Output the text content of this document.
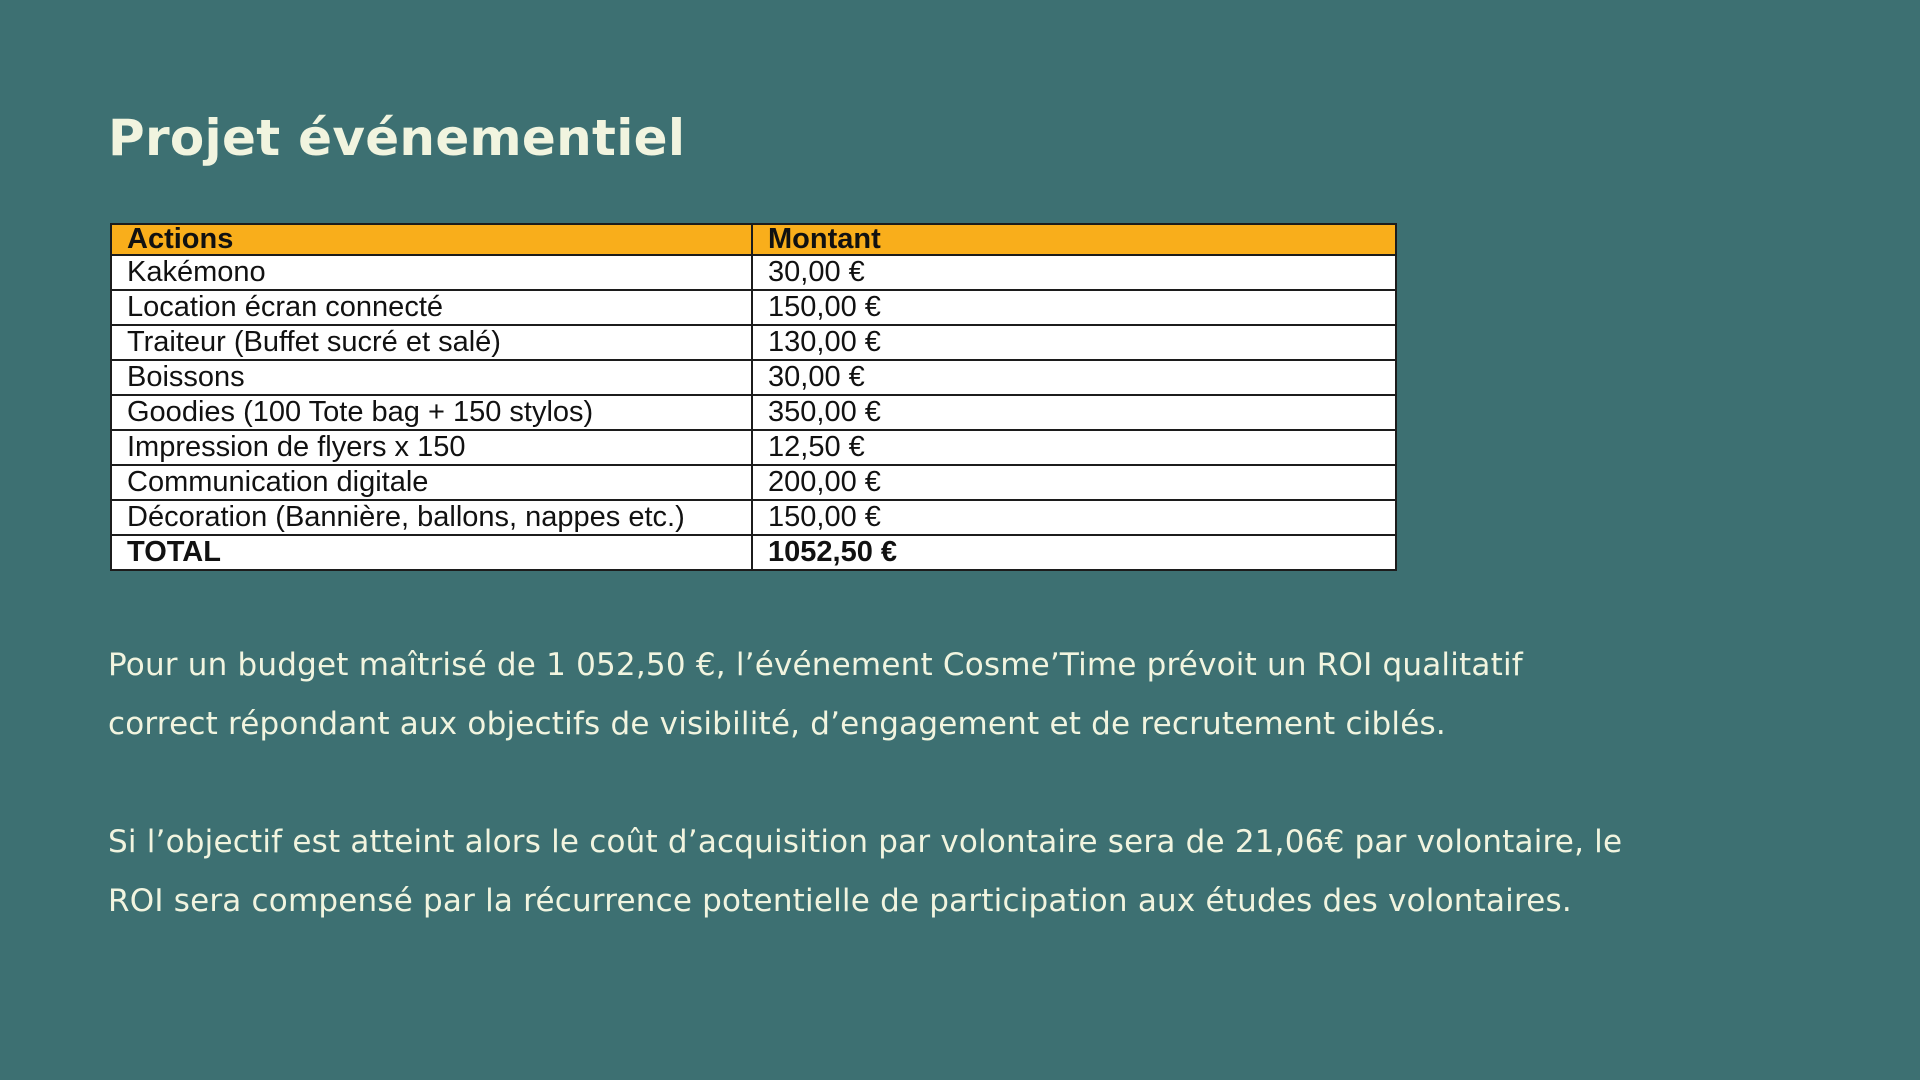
Projet événementiel
Actions	Montant
Kakémono	30,00 €
Location écran connecté	150,00 €
Traiteur (Buffet sucré et salé)	130,00 €
Boissons	30,00 €
Goodies (100 Tote bag + 150 stylos)	350,00 €
Impression de flyers x 150	12,50 €
Communication digitale	200,00 €
Décoration (Bannière, ballons, nappes etc.)	150,00 €
TOTAL	1052,50 €

Pour un budget maîtrisé de 1 052,50 €, l’événement Cosme’Time prévoit un ROI qualitatif
correct répondant aux objectifs de visibilité, d’engagement et de recrutement ciblés.

Si l’objectif est atteint alors le coût d’acquisition par volontaire sera de 21,06€ par volontaire, le
ROI sera compensé par la récurrence potentielle de participation aux études des volontaires.
